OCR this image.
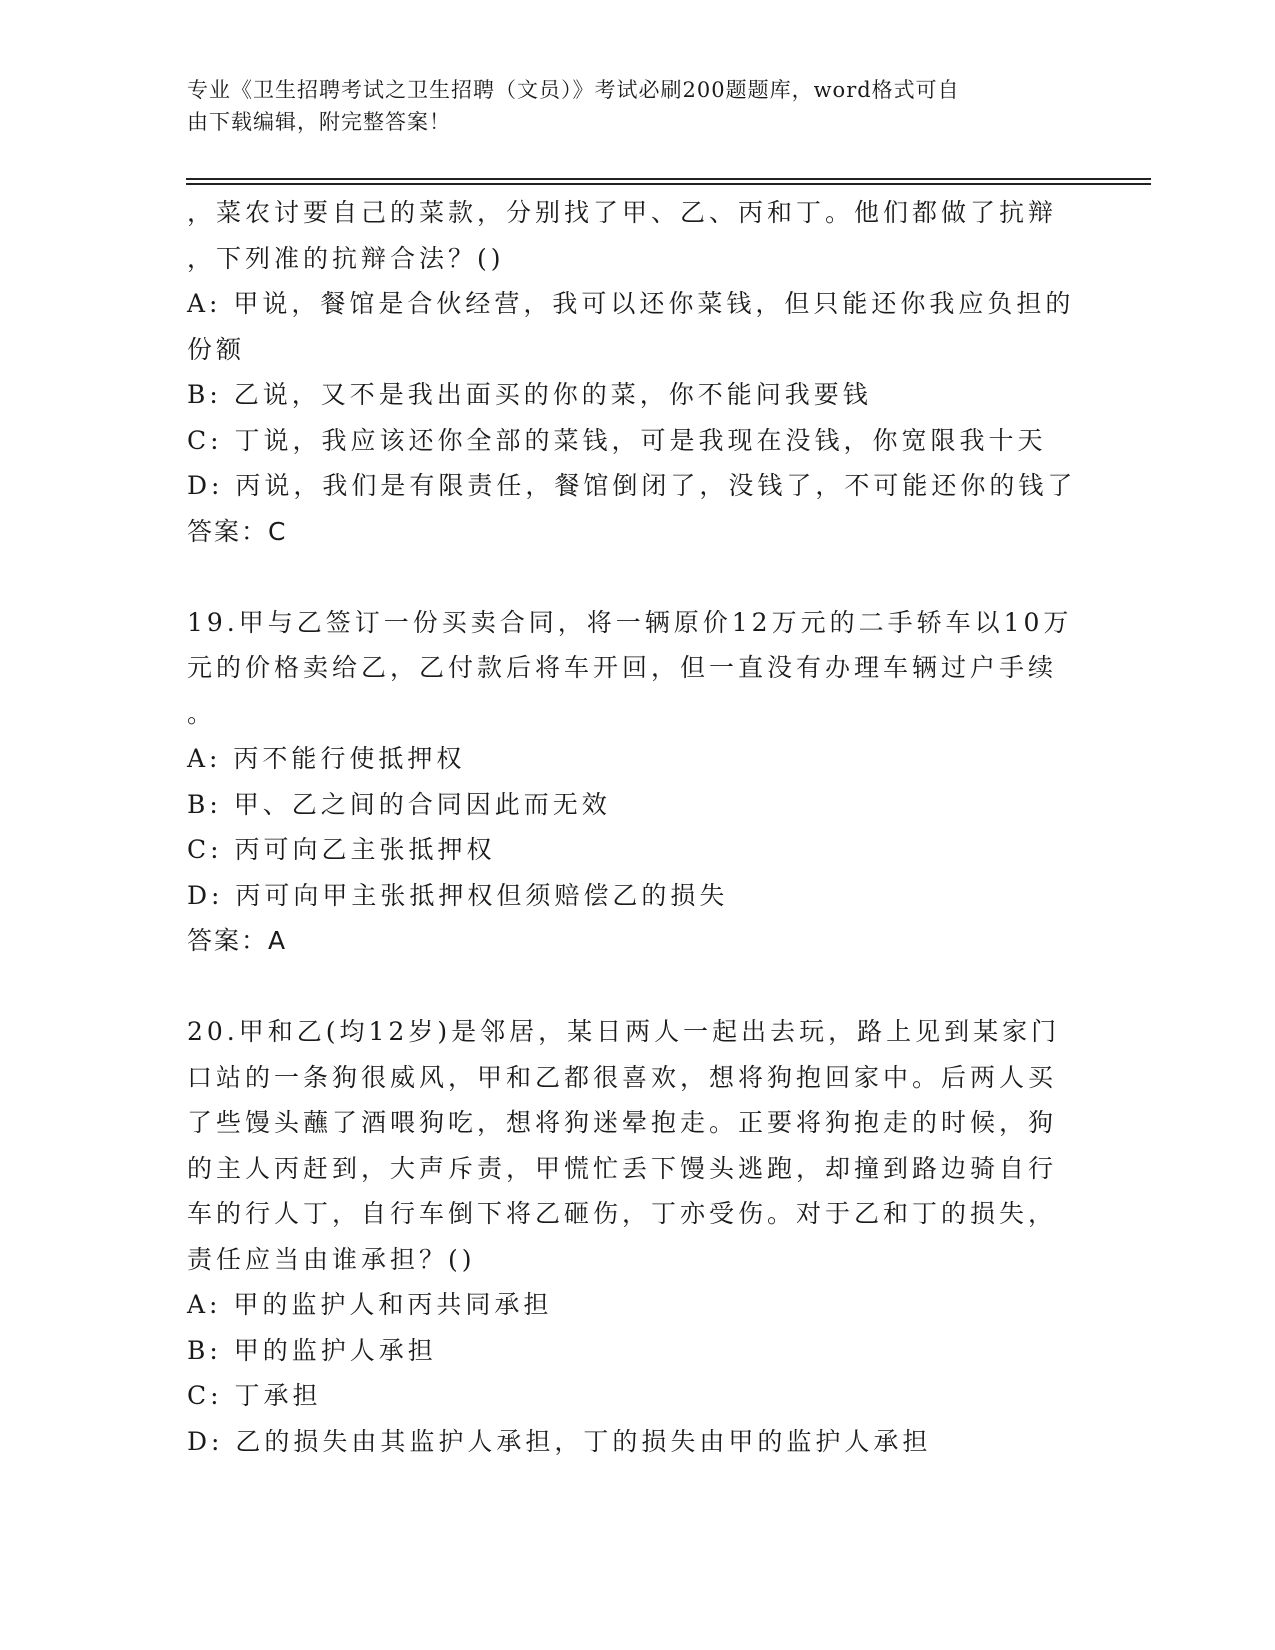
专业《卫生招聘考试之卫生招聘（文员）》考试必刷200题题库，word格式可自
由下载编辑，附完整答案！
，菜农讨要自己的菜款，分别找了甲、乙、丙和丁。他们都做了抗辩
，下列准的抗辩合法？()
A: 甲说，餐馆是合伙经营，我可以还你菜钱，但只能还你我应负担的
份额
B: 乙说，又不是我出面买的你的菜，你不能问我要钱
C: 丁说，我应该还你全部的菜钱，可是我现在没钱，你宽限我十天
D: 丙说，我们是有限责任，餐馆倒闭了，没钱了，不可能还你的钱了
答案：C
19.甲与乙签订一份买卖合同，将一辆原价12万元的二手轿车以10万
元的价格卖给乙，乙付款后将车开回，但一直没有办理车辆过户手续
。
A: 丙不能行使抵押权
B: 甲、乙之间的合同因此而无效
C: 丙可向乙主张抵押权
D: 丙可向甲主张抵押权但须赔偿乙的损失
答案：A
20.甲和乙(均12岁)是邻居，某日两人一起出去玩，路上见到某家门
口站的一条狗很威风，甲和乙都很喜欢，想将狗抱回家中。后两人买
了些馒头蘸了酒喂狗吃，想将狗迷晕抱走。正要将狗抱走的时候，狗
的主人丙赶到，大声斥责，甲慌忙丢下馒头逃跑，却撞到路边骑自行
车的行人丁，自行车倒下将乙砸伤，丁亦受伤。对于乙和丁的损失，
责任应当由谁承担？()
A: 甲的监护人和丙共同承担
B: 甲的监护人承担
C: 丁承担
D: 乙的损失由其监护人承担，丁的损失由甲的监护人承担
